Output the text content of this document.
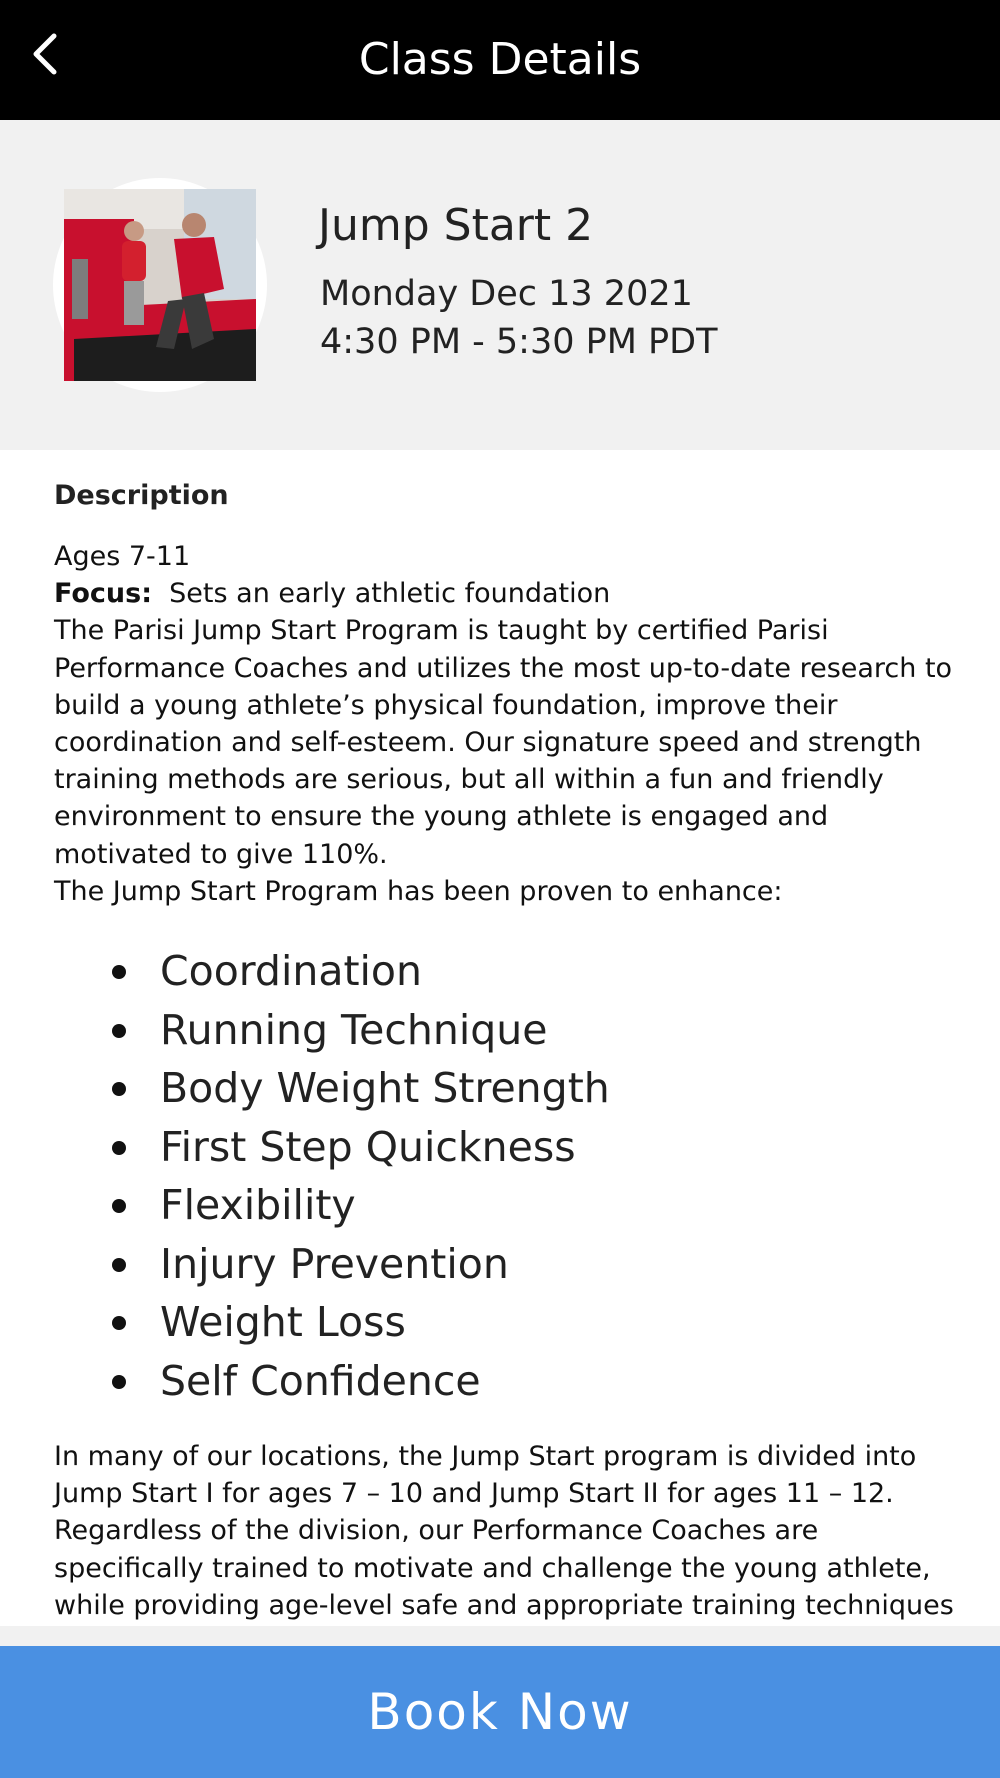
Class Details
Jump Start 2
Monday Dec 13 2021
4:30 PM - 5:30 PM PDT
Description

Ages 7-11

Focus: Sets an early athletic foundation

The Parisi Jump Start Program is taught by certified Parisi Performance Coaches and utilizes the most up-to-date research to build a young athlete’s physical foundation, improve their coordination and self-esteem. Our signature speed and strength training methods are serious, but all within a fun and friendly environment to ensure the young athlete is engaged and motivated to give 110%.

The Jump Start Program has been proven to enhance:

Coordination
Running Technique
Body Weight Strength
First Step Quickness
Flexibility
Injury Prevention
Weight Loss
Self Confidence

In many of our locations, the Jump Start program is divided into Jump Start I for ages 7 – 10 and Jump Start II for ages 11 – 12. Regardless of the division, our Performance Coaches are specifically trained to motivate and challenge the young athlete, while providing age-level safe and appropriate training techniques

Book Now
